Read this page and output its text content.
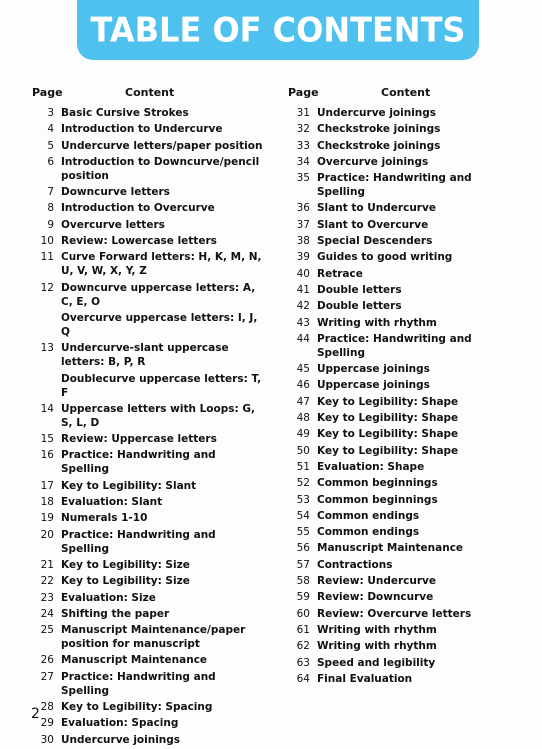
TABLE OF CONTENTS
Page	Content
3 Basic Cursive Strokes
4 Introduction to Undercurve
5 Undercurve letters/paper position
6 Introduction to Downcurve/pencil position
7 Downcurve letters
8 Introduction to Overcurve
9 Overcurve letters
10 Review: Lowercase letters
11 Curve Forward letters: H, K, M, N, U, V, W, X, Y, Z
12 Downcurve uppercase letters: A, C, E, O
Overcurve uppercase letters: I, J, Q
13 Undercurve-slant uppercase letters: B, P, R
Doublecurve uppercase letters: T, F
14 Uppercase letters with Loops: G, S, L, D
15 Review: Uppercase letters
16 Practice: Handwriting and Spelling
17 Key to Legibility: Slant
18 Evaluation: Slant
19 Numerals 1-10
20 Practice: Handwriting and Spelling
21 Key to Legibility: Size
22 Key to Legibility: Size
23 Evaluation: Size
24 Shifting the paper
25 Manuscript Maintenance/paper position for manuscript
26 Manuscript Maintenance
27 Practice: Handwriting and Spelling
28 Key to Legibility: Spacing
29 Evaluation: Spacing
30 Undercurve joinings
Page	Content
31 Undercurve joinings
32 Checkstroke joinings
33 Checkstroke joinings
34 Overcurve joinings
35 Practice: Handwriting and Spelling
36 Slant to Undercurve
37 Slant to Overcurve
38 Special Descenders
39 Guides to good writing
40 Retrace
41 Double letters
42 Double letters
43 Writing with rhythm
44 Practice: Handwriting and Spelling
45 Uppercase joinings
46 Uppercase joinings
47 Key to Legibility: Shape
48 Key to Legibility: Shape
49 Key to Legibility: Shape
50 Key to Legibility: Shape
51 Evaluation: Shape
52 Common beginnings
53 Common beginnings
54 Common endings
55 Common endings
56 Manuscript Maintenance
57 Contractions
58 Review: Undercurve
59 Review: Downcurve
60 Review: Overcurve letters
61 Writing with rhythm
62 Writing with rhythm
63 Speed and legibility
64 Final Evaluation
2
